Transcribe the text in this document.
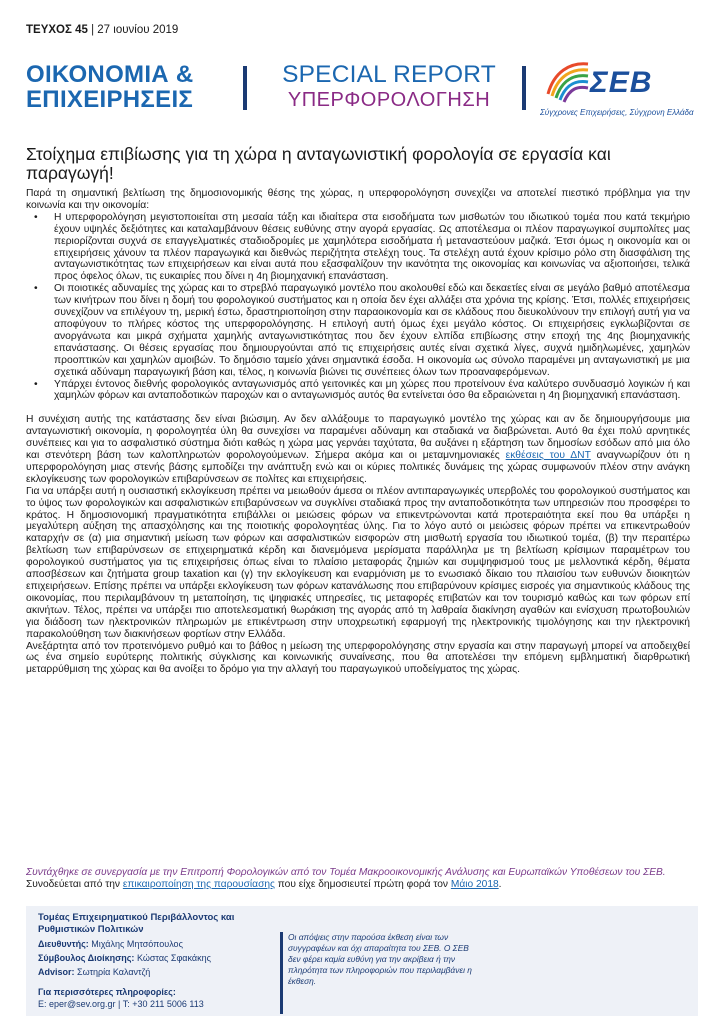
ΤΕΥΧΟΣ 45 | 27 ιουνίου 2019
ΟΙΚΟΝΟΜΙΑ &
ΕΠΙΧΕΙΡΗΣΕΙΣ
SPECIAL REPORT
ΥΠΕΡΦΟΡΟΛΟΓΗΣΗ
ΣΕΒ
Σύγχρονες Επιχειρήσεις, Σύγχρονη Ελλάδα
Στοίχημα επιβίωσης για τη χώρα η ανταγωνιστική φορολογία σε εργασία και παραγωγή!

Παρά τη σημαντική βελτίωση της δημοσιονομικής θέσης της χώρας, η υπερφορολόγηση συνεχίζει να αποτελεί πιεστικό πρόβλημα για την κοινωνία και την οικονομία:

• Η υπερφορολόγηση μεγιστοποιείται στη μεσαία τάξη και ιδιαίτερα στα εισοδήματα των μισθωτών του ιδιωτικού τομέα που κατά τεκμήριο έχουν υψηλές δεξιότητες και καταλαμβάνουν θέσεις ευθύνης στην αγορά εργασίας. Ως αποτέλεσμα οι πλέον παραγωγικοί συμπολίτες μας περιορίζονται συχνά σε επαγγελματικές σταδιοδρομίες με χαμηλότερα εισοδήματα ή μεταναστεύουν μαζικά. Έτσι όμως η οικονομία και οι επιχειρήσεις χάνουν τα πλέον παραγωγικά και διεθνώς περιζήτητα στελέχη τους. Τα στελέχη αυτά έχουν κρίσιμο ρόλο στη διασφάλιση της ανταγωνιστικότητας των επιχειρήσεων και είναι αυτά που εξασφαλίζουν την ικανότητα της οικονομίας και κοινωνίας να αξιοποιήσει, τελικά προς όφελος όλων, τις ευκαιρίες που δίνει η 4η βιομηχανική επανάσταση.
• Οι ποιοτικές αδυναμίες της χώρας και το στρεβλό παραγωγικό μοντέλο που ακολουθεί εδώ και δεκαετίες είναι σε μεγάλο βαθμό αποτέλεσμα των κινήτρων που δίνει η δομή του φορολογικού συστήματος και η οποία δεν έχει αλλάξει στα χρόνια της κρίσης. Έτσι, πολλές επιχειρήσεις συνεχίζουν να επιλέγουν τη, μερική έστω, δραστηριοποίηση στην παραοικονομία και σε κλάδους που διευκολύνουν την επιλογή αυτή για να αποφύγουν το πλήρες κόστος της υπερφορολόγησης. Η επιλογή αυτή όμως έχει μεγάλο κόστος. Οι επιχειρήσεις εγκλωβίζονται σε ανοργάνωτα και μικρά σχήματα χαμηλής ανταγωνιστικότητας που δεν έχουν ελπίδα επιβίωσης στην εποχή της 4ης βιομηχανικής επανάστασης. Οι θέσεις εργασίας που δημιουργούνται από τις επιχειρήσεις αυτές είναι σχετικά λίγες, συχνά ημιδηλωμένες, χαμηλών προοπτικών και χαμηλών αμοιβών. Το δημόσιο ταμείο χάνει σημαντικά έσοδα. Η οικονομία ως σύνολο παραμένει μη ανταγωνιστική με μια σχετικά αδύναμη παραγωγική βάση και, τέλος, η κοινωνία βιώνει τις συνέπειες όλων των προαναφερόμενων.
• Υπάρχει έντονος διεθνής φορολογικός ανταγωνισμός από γειτονικές και μη χώρες που προτείνουν ένα καλύτερο συνδυασμό λογικών ή και χαμηλών φόρων και ανταποδοτικών παροχών και ο ανταγωνισμός αυτός θα εντείνεται όσο θα εδραιώνεται η 4η βιομηχανική επανάσταση.

Η συνέχιση αυτής της κατάστασης δεν είναι βιώσιμη. Αν δεν αλλάξουμε το παραγωγικό μοντέλο της χώρας και αν δε δημιουργήσουμε μια ανταγωνιστική οικονομία, η φορολογητέα ύλη θα συνεχίσει να παραμένει αδύναμη και σταδιακά να διαβρώνεται. Αυτό θα έχει πολύ αρνητικές συνέπειες και για το ασφαλιστικό σύστημα διότι καθώς η χώρα μας γερνάει ταχύτατα, θα αυξάνει η εξάρτηση των δημοσίων εσόδων από μια όλο και στενότερη βάση των καλοπληρωτών φορολογούμενων. Σήμερα ακόμα και οι μεταμνημονιακές εκθέσεις του ΔΝΤ αναγνωρίζουν ότι η υπερφορολόγηση μιας στενής βάσης εμποδίζει την ανάπτυξη ενώ και οι κύριες πολιτικές δυνάμεις της χώρας συμφωνούν πλέον στην ανάγκη εκλογίκευσης των φορολογικών επιβαρύνσεων σε πολίτες και επιχειρήσεις.

Για να υπάρξει αυτή η ουσιαστική εκλογίκευση πρέπει να μειωθούν άμεσα οι πλέον αντιπαραγωγικές υπερβολές του φορολογικού συστήματος και το ύψος των φορολογικών και ασφαλιστικών επιβαρύνσεων να συγκλίνει σταδιακά προς την ανταποδοτικότητα των υπηρεσιών που προσφέρει το κράτος. Η δημοσιονομική πραγματικότητα επιβάλλει οι μειώσεις φόρων να επικεντρώνονται κατά προτεραιότητα εκεί που θα υπάρξει η μεγαλύτερη αύξηση της απασχόλησης και της ποιοτικής φορολογητέας ύλης. Για το λόγο αυτό οι μειώσεις φόρων πρέπει να επικεντρωθούν καταρχήν σε (α) μια σημαντική μείωση των φόρων και ασφαλιστικών εισφορών στη μισθωτή εργασία του ιδιωτικού τομέα, (β) την περαιτέρω βελτίωση των επιβαρύνσεων σε επιχειρηματικά κέρδη και διανεμόμενα μερίσματα παράλληλα με τη βελτίωση κρίσιμων παραμέτρων του φορολογικού συστήματος για τις επιχειρήσεις όπως είναι το πλαίσιο μεταφοράς ζημιών και συμψηφισμού τους με μελλοντικά κέρδη, θέματα αποσβέσεων και ζητήματα group taxation και (γ) την εκλογίκευση και εναρμόνιση με το ενωσιακό δίκαιο του πλαισίου των ευθυνών διοικητών επιχειρήσεων. Επίσης πρέπει να υπάρξει εκλογίκευση των φόρων κατανάλωσης που επιβαρύνουν κρίσιμες εισροές για σημαντικούς κλάδους της οικονομίας, που περιλαμβάνουν τη μεταποίηση, τις ψηφιακές υπηρεσίες, τις μεταφορές επιβατών και τον τουρισμό καθώς και των φόρων επί ακινήτων. Τέλος, πρέπει να υπάρξει πιο αποτελεσματική θωράκιση της αγοράς από τη λαθραία διακίνηση αγαθών και ενίσχυση πρωτοβουλιών για διάδοση των ηλεκτρονικών πληρωμών με επικέντρωση στην υποχρεωτική εφαρμογή της ηλεκτρονικής τιμολόγησης και την ηλεκτρονική παρακολούθηση των διακινήσεων φορτίων στην Ελλάδα.

Ανεξάρτητα από τον προτεινόμενο ρυθμό και το βάθος η μείωση της υπερφορολόγησης στην εργασία και στην παραγωγή μπορεί να αποδειχθεί ως ένα σημείο ευρύτερης πολιτικής σύγκλισης και κοινωνικής συναίνεσης, που θα αποτελέσει την επόμενη εμβληματική διαρθρωτική μεταρρύθμιση της χώρας και θα ανοίξει το δρόμο για την αλλαγή του παραγωγικού υποδείγματος της χώρας.

Συντάχθηκε σε συνεργασία με την Επιτροπή Φορολογικών από τον Τομέα Μακροοικονομικής Ανάλυσης και Ευρωπαϊκών Υποθέσεων του ΣΕΒ. Συνοδεύεται από την επικαιροποίηση της παρουσίασης που είχε δημοσιευτεί πρώτη φορά τον Μάιο 2018.
Τομέας Επιχειρηματικού Περιβάλλοντος και Ρυθμιστικών Πολιτικών
Διευθυντής: Μιχάλης Μητσόπουλος
Σύμβουλος Διοίκησης: Κώστας Σφακάκης
Advisor: Σωτηρία Καλαντζή
Για περισσότερες πληροφορίες:
E: eper@sev.org.gr | T: +30 211 5006 113
Οι απόψεις στην παρούσα έκθεση είναι των συγγραφέων και όχι απαραίτητα του ΣΕΒ. Ο ΣΕΒ δεν φέρει καμία ευθύνη για την ακρίβεια ή την πληρότητα των πληροφοριών που περιλαμβάνει η έκθεση.
